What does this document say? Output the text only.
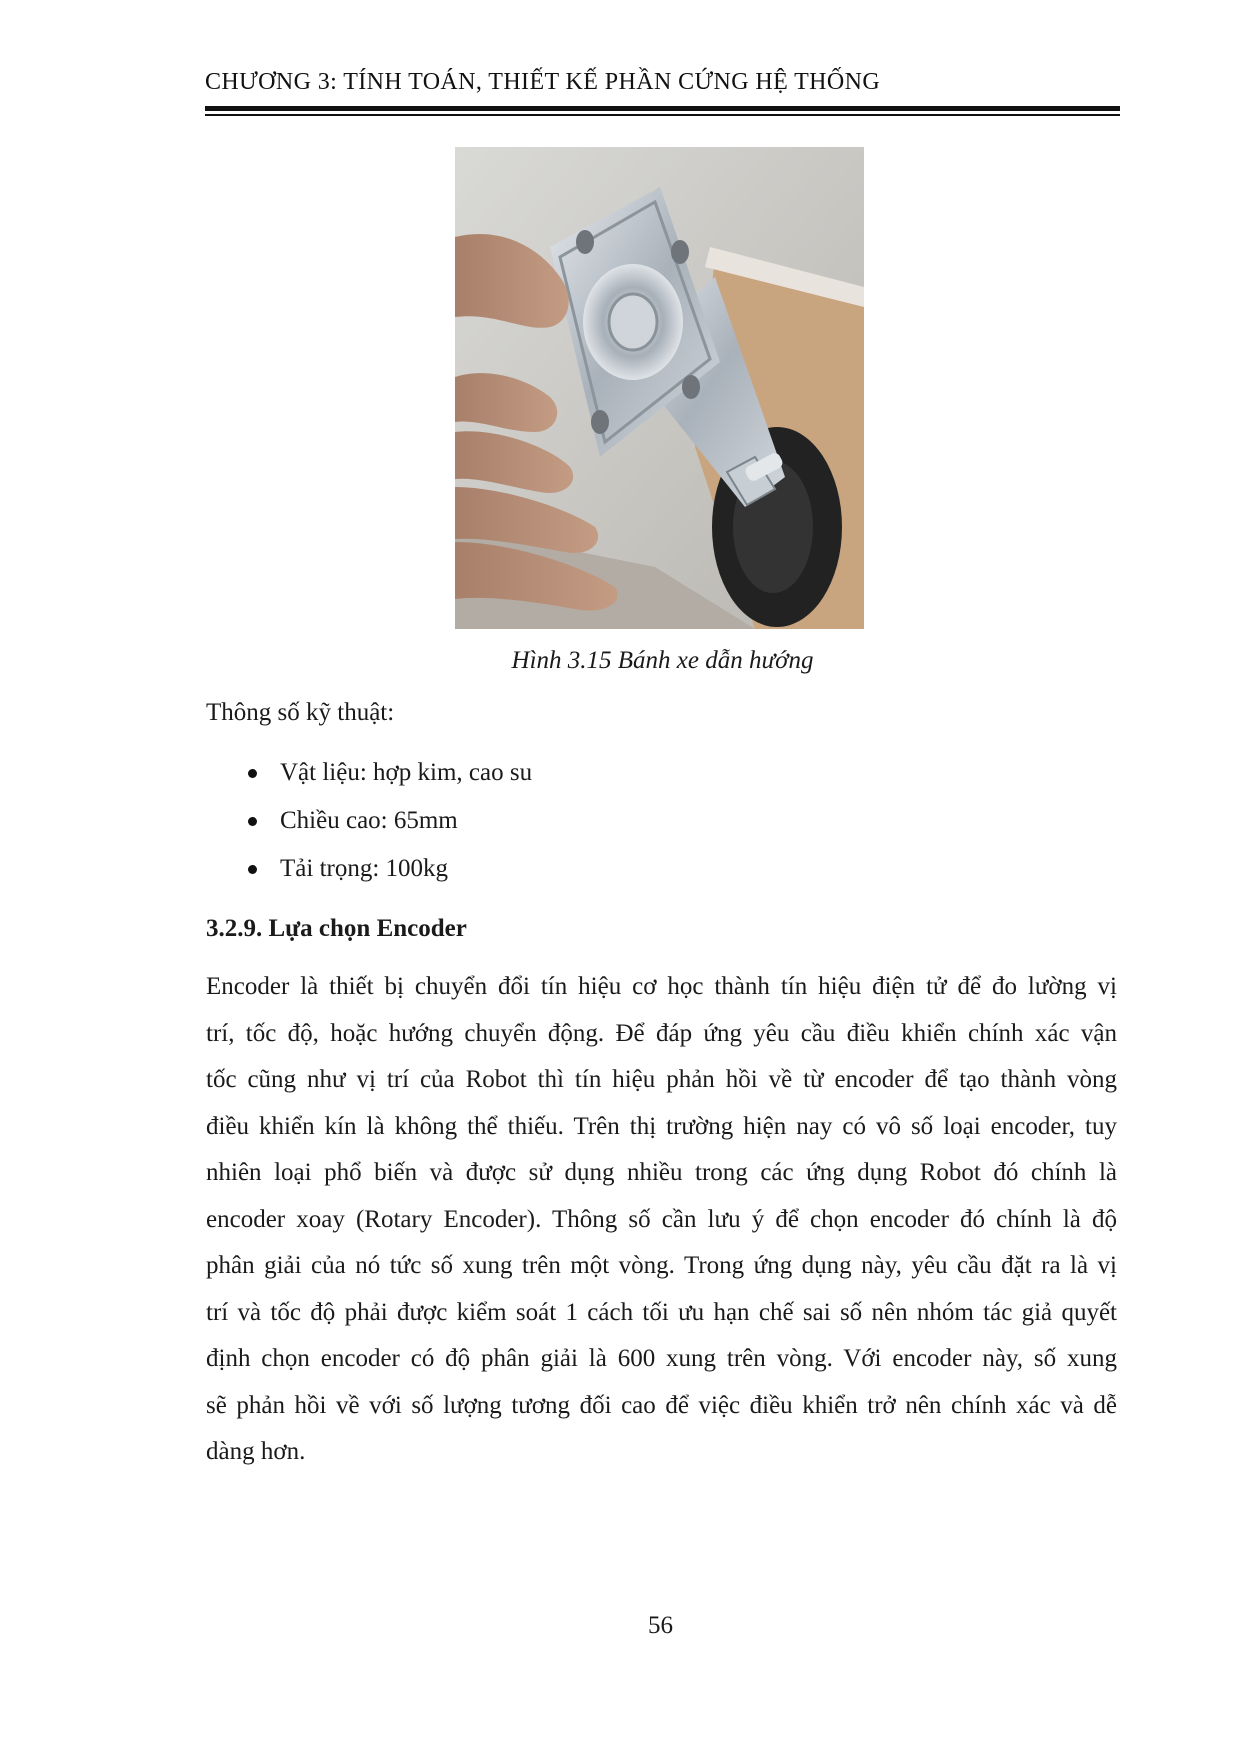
CHƯƠNG 3: TÍNH TOÁN, THIẾT KẾ PHẦN CỨNG HỆ THỐNG
Hình 3.15 Bánh xe dẫn hướng
Thông số kỹ thuật:
Vật liệu: hợp kim, cao su
Chiều cao: 65mm
Tải trọng: 100kg
3.2.9. Lựa chọn Encoder
Encoder là thiết bị chuyển đổi tín hiệu cơ học thành tín hiệu điện tử để đo lường vị
trí, tốc độ, hoặc hướng chuyển động. Để đáp ứng yêu cầu điều khiển chính xác vận
tốc cũng như vị trí của Robot thì tín hiệu phản hồi về từ encoder để tạo thành vòng
điều khiển kín là không thể thiếu. Trên thị trường hiện nay có vô số loại encoder, tuy
nhiên loại phổ biến và được sử dụng nhiều trong các ứng dụng Robot đó chính là
encoder xoay (Rotary Encoder). Thông số cần lưu ý để chọn encoder đó chính là độ
phân giải của nó tức số xung trên một vòng. Trong ứng dụng này, yêu cầu đặt ra là vị
trí và tốc độ phải được kiểm soát 1 cách tối ưu hạn chế sai số nên nhóm tác giả quyết
định chọn encoder có độ phân giải là 600 xung trên vòng. Với encoder này, số xung
sẽ phản hồi về với số lượng tương đối cao để việc điều khiển trở nên chính xác và dễ
dàng hơn.
56
